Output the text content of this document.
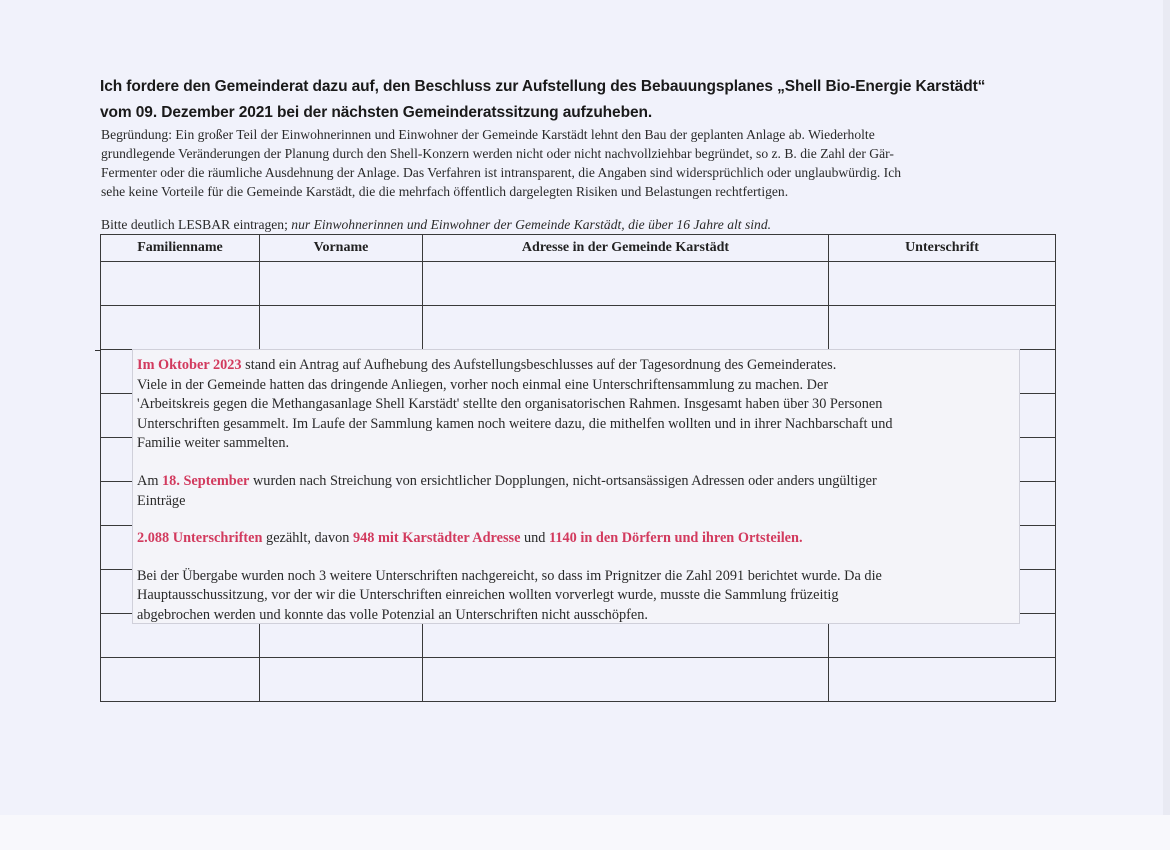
Ich fordere den Gemeinderat dazu auf, den Beschluss zur Aufstellung des Bebauungsplanes „Shell Bio-Energie Karstädt“
vom 09. Dezember 2021 bei der nächsten Gemeinderatssitzung aufzuheben.
Begründung: Ein großer Teil der Einwohnerinnen und Einwohner der Gemeinde Karstädt lehnt den Bau der geplanten Anlage ab. Wiederholte
grundlegende Veränderungen der Planung durch den Shell-Konzern werden nicht oder nicht nachvollziehbar begründet, so z. B. die Zahl der Gär-
Fermenter oder die räumliche Ausdehnung der Anlage. Das Verfahren ist intransparent, die Angaben sind widersprüchlich oder unglaubwürdig. Ich
sehe keine Vorteile für die Gemeinde Karstädt, die die mehrfach öffentlich dargelegten Risiken und Belastungen rechtfertigen.
Bitte deutlich LESBAR eintragen; nur Einwohnerinnen und Einwohner der Gemeinde Karstädt, die über 16 Jahre alt sind.
Familienname	Vorname	Adresse in der Gemeinde Karstädt	Unterschrift

Im Oktober 2023 stand ein Antrag auf Aufhebung des Aufstellungsbeschlusses auf der Tagesordnung des Gemeinderates.
Viele in der Gemeinde hatten das dringende Anliegen, vorher noch einmal eine Unterschriftensammlung zu machen. Der
'Arbeitskreis gegen die Methangasanlage Shell Karstädt' stellte den organisatorischen Rahmen. Insgesamt haben über 30 Personen
Unterschriften gesammelt. Im Laufe der Sammlung kamen noch weitere dazu, die mithelfen wollten und in ihrer Nachbarschaft und
Familie weiter sammelten.

Am 18. September wurden nach Streichung von ersichtlicher Dopplungen, nicht-ortsansässigen Adressen oder anders ungültiger
Einträge

2.088 Unterschriften gezählt, davon 948 mit Karstädter Adresse und 1140 in den Dörfern und ihren Ortsteilen.

Bei der Übergabe wurden noch 3 weitere Unterschriften nachgereicht, so dass im Prignitzer die Zahl 2091 berichtet wurde. Da die
Hauptausschussitzung, vor der wir die Unterschriften einreichen wollten vorverlegt wurde, musste die Sammlung früzeitig
abgebrochen werden und konnte das volle Potenzial an Unterschriften nicht ausschöpfen.
